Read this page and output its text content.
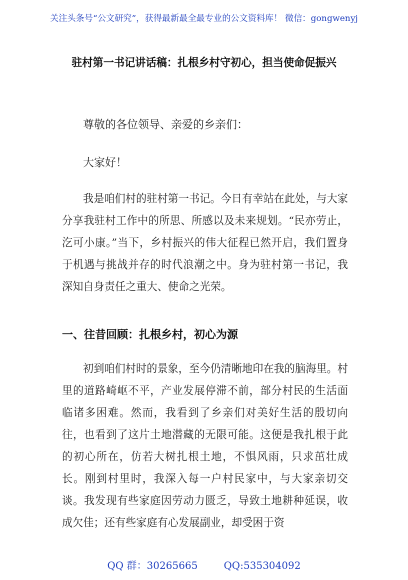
关注头条号“公文研究”，获得最新最全最专业的公文资料库！ 微信：gongwenyj
驻村第一书记讲话稿：扎根乡村守初心，担当使命促振兴
尊敬的各位领导、亲爱的乡亲们：
大家好！

我是咱们村的驻村第一书记。今日有幸站在此处，与大家分享我驻村工作中的所思、所感以及未来规划。“民亦劳止，汔可小康。”当下，乡村振兴的伟大征程已然开启，我们置身于机遇与挑战并存的时代浪潮之中。身为驻村第一书记，我深知自身责任之重大、使命之光荣。

一、往昔回顾：扎根乡村，初心为源

初到咱们村时的景象，至今仍清晰地印在我的脑海里。村里的道路崎岖不平，产业发展停滞不前，部分村民的生活面临诸多困难。然而，我看到了乡亲们对美好生活的殷切向往，也看到了这片土地潜藏的无限可能。这便是我扎根于此的初心所在，仿若大树扎根土地，不惧风雨，只求茁壮成长。刚到村里时，我深入每一户村民家中，与大家亲切交谈。我发现有些家庭因劳动力匮乏，导致土地耕种延误，收成欠佳；还有些家庭有心发展副业，却受困于资

QQ 群：30265665	QQ:535304092
